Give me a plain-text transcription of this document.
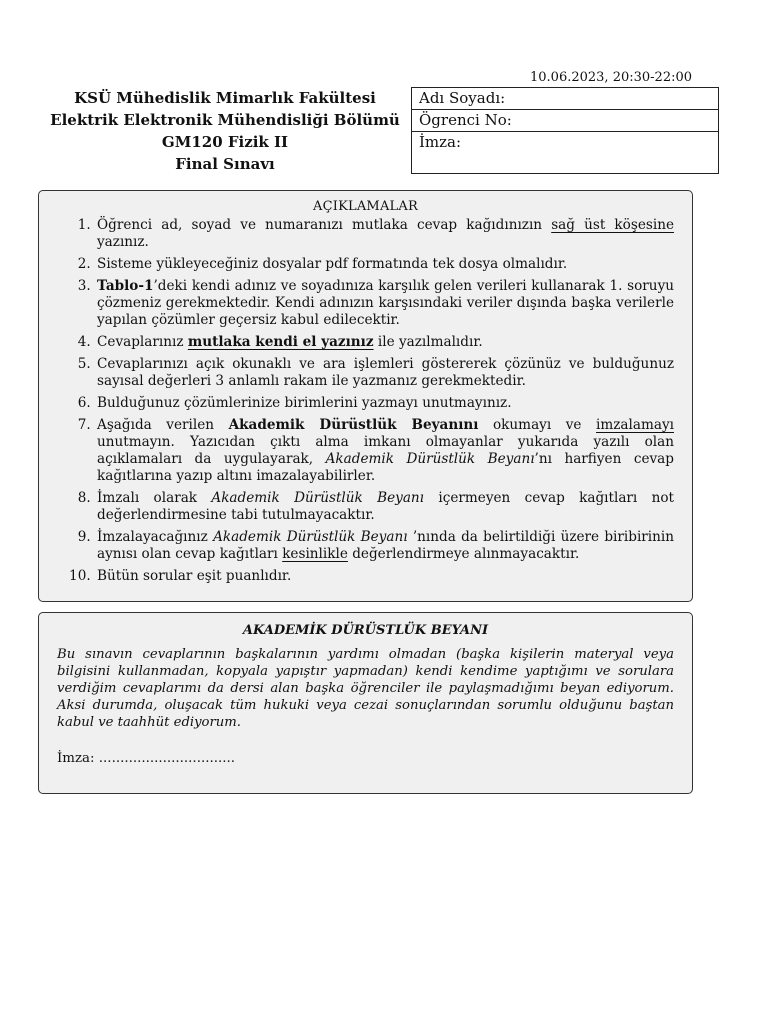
10.06.2023, 20:30-22:00
KSÜ Mühedislik Mimarlık Fakültesi
Elektrik Elektronik Mühendisliği Bölümü
GM120 Fizik II
Final Sınavı
Adı Soyadı:
Ögrenci No:
İmza:
AÇIKLAMALAR
1. Öğrenci ad, soyad ve numaranızı mutlaka cevap kağıdınızın sağ üst köşesine yazınız.
2. Sisteme yükleyeceğiniz dosyalar pdf formatında tek dosya olmalıdır.
3. Tablo-1’deki kendi adınız ve soyadınıza karşılık gelen verileri kullanarak 1. soruyu çözmeniz gerekmektedir. Kendi adınızın karşısındaki veriler dışında başka verilerle yapılan çözümler geçersiz kabul edilecektir.
4. Cevaplarınız mutlaka kendi el yazınız ile yazılmalıdır.
5. Cevaplarınızı açık okunaklı ve ara işlemleri göstererek çözünüz ve bulduğunuz sayısal değerleri 3 anlamlı rakam ile yazmanız gerekmektedir.
6. Bulduğunuz çözümlerinize birimlerini yazmayı unutmayınız.
7. Aşağıda verilen Akademik Dürüstlük Beyanını okumayı ve imzalamayı unutmayın. Yazıcıdan çıktı alma imkanı olmayanlar yukarıda yazılı olan açıklamaları da uygulayarak, Akademik Dürüstlük Beyanı’nı harfiyen cevap kağıtlarına yazıp altını imazalayabilirler.
8. İmzalı olarak Akademik Dürüstlük Beyanı içermeyen cevap kağıtları not değerlendirmesine tabi tutulmayacaktır.
9. İmzalayacağınız Akademik Dürüstlük Beyanı ’nında da belirtildiği üzere biribirinin aynısı olan cevap kağıtları kesinlikle değerlendirmeye alınmayacaktır.
10. Bütün sorular eşit puanlıdır.
AKADEMİK DÜRÜSTLÜK BEYANI
Bu sınavın cevaplarının başkalarının yardımı olmadan (başka kişilerin materyal veya bilgisini kullanmadan, kopyala yapıştır yapmadan) kendi kendime yaptığımı ve sorulara verdiğim cevaplarımı da dersi alan başka öğrenciler ile paylaşmadığımı beyan ediyorum. Aksi durumda, oluşacak tüm hukuki veya cezai sonuçlarından sorumlu olduğunu baştan kabul ve taahhüt ediyorum.
İmza: ................................
